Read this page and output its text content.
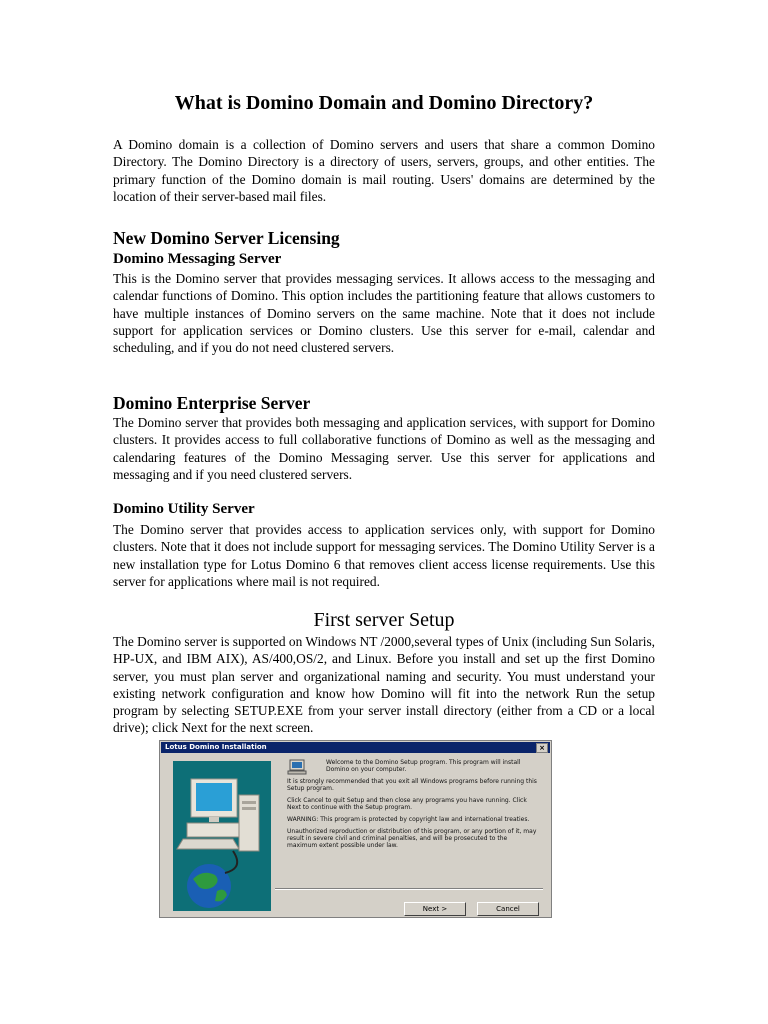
What is Domino Domain and Domino Directory?

A Domino domain is a collection of Domino servers and users that share a common Domino Directory. The Domino Directory is a directory of users, servers, groups, and other entities. The primary function of the Domino domain is mail routing. Users' domains are determined by the location of their server-based mail files.

New Domino Server Licensing
Domino Messaging Server

This is the Domino server that provides messaging services. It allows access to the messaging and calendar functions of Domino. This option includes the partitioning feature that allows customers to have multiple instances of Domino servers on the same machine. Note that it does not include support for application services or Domino clusters. Use this server for e-mail, calendar and scheduling, and if you do not need clustered servers.

Domino Enterprise Server

The Domino server that provides both messaging and application services, with support for Domino clusters. It provides access to full collaborative functions of Domino as well as the messaging and calendaring features of the Domino Messaging server. Use this server for applications and messaging and if you need clustered servers.

Domino Utility Server

The Domino server that provides access to application services only, with support for Domino clusters. Note that it does not include support for messaging services. The Domino Utility Server is a new installation type for Lotus Domino 6 that removes client access license requirements. Use this server for applications where mail is not required.

First server Setup

The Domino server is supported on Windows NT /2000,several types of Unix (including Sun Solaris, HP-UX, and IBM AIX), AS/400,OS/2, and Linux. Before you install and set up the first Domino server, you must plan server and organizational naming and security. You must understand your existing network configuration and know how Domino will fit into the network Run the setup program by selecting SETUP.EXE from your server install directory (either from a CD or a local drive); click Next for the next screen.

Lotus Domino Installation	×

Welcome to the Domino Setup program. This program will install Domino on your computer.

It is strongly recommended that you exit all Windows programs before running this Setup program.

Click Cancel to quit Setup and then close any programs you have running. Click Next to continue with the Setup program.

WARNING: This program is protected by copyright law and international treaties.

Unauthorized reproduction or distribution of this program, or any portion of it, may result in severe civil and criminal penalties, and will be prosecuted to the maximum extent possible under law.

Next >	Cancel
